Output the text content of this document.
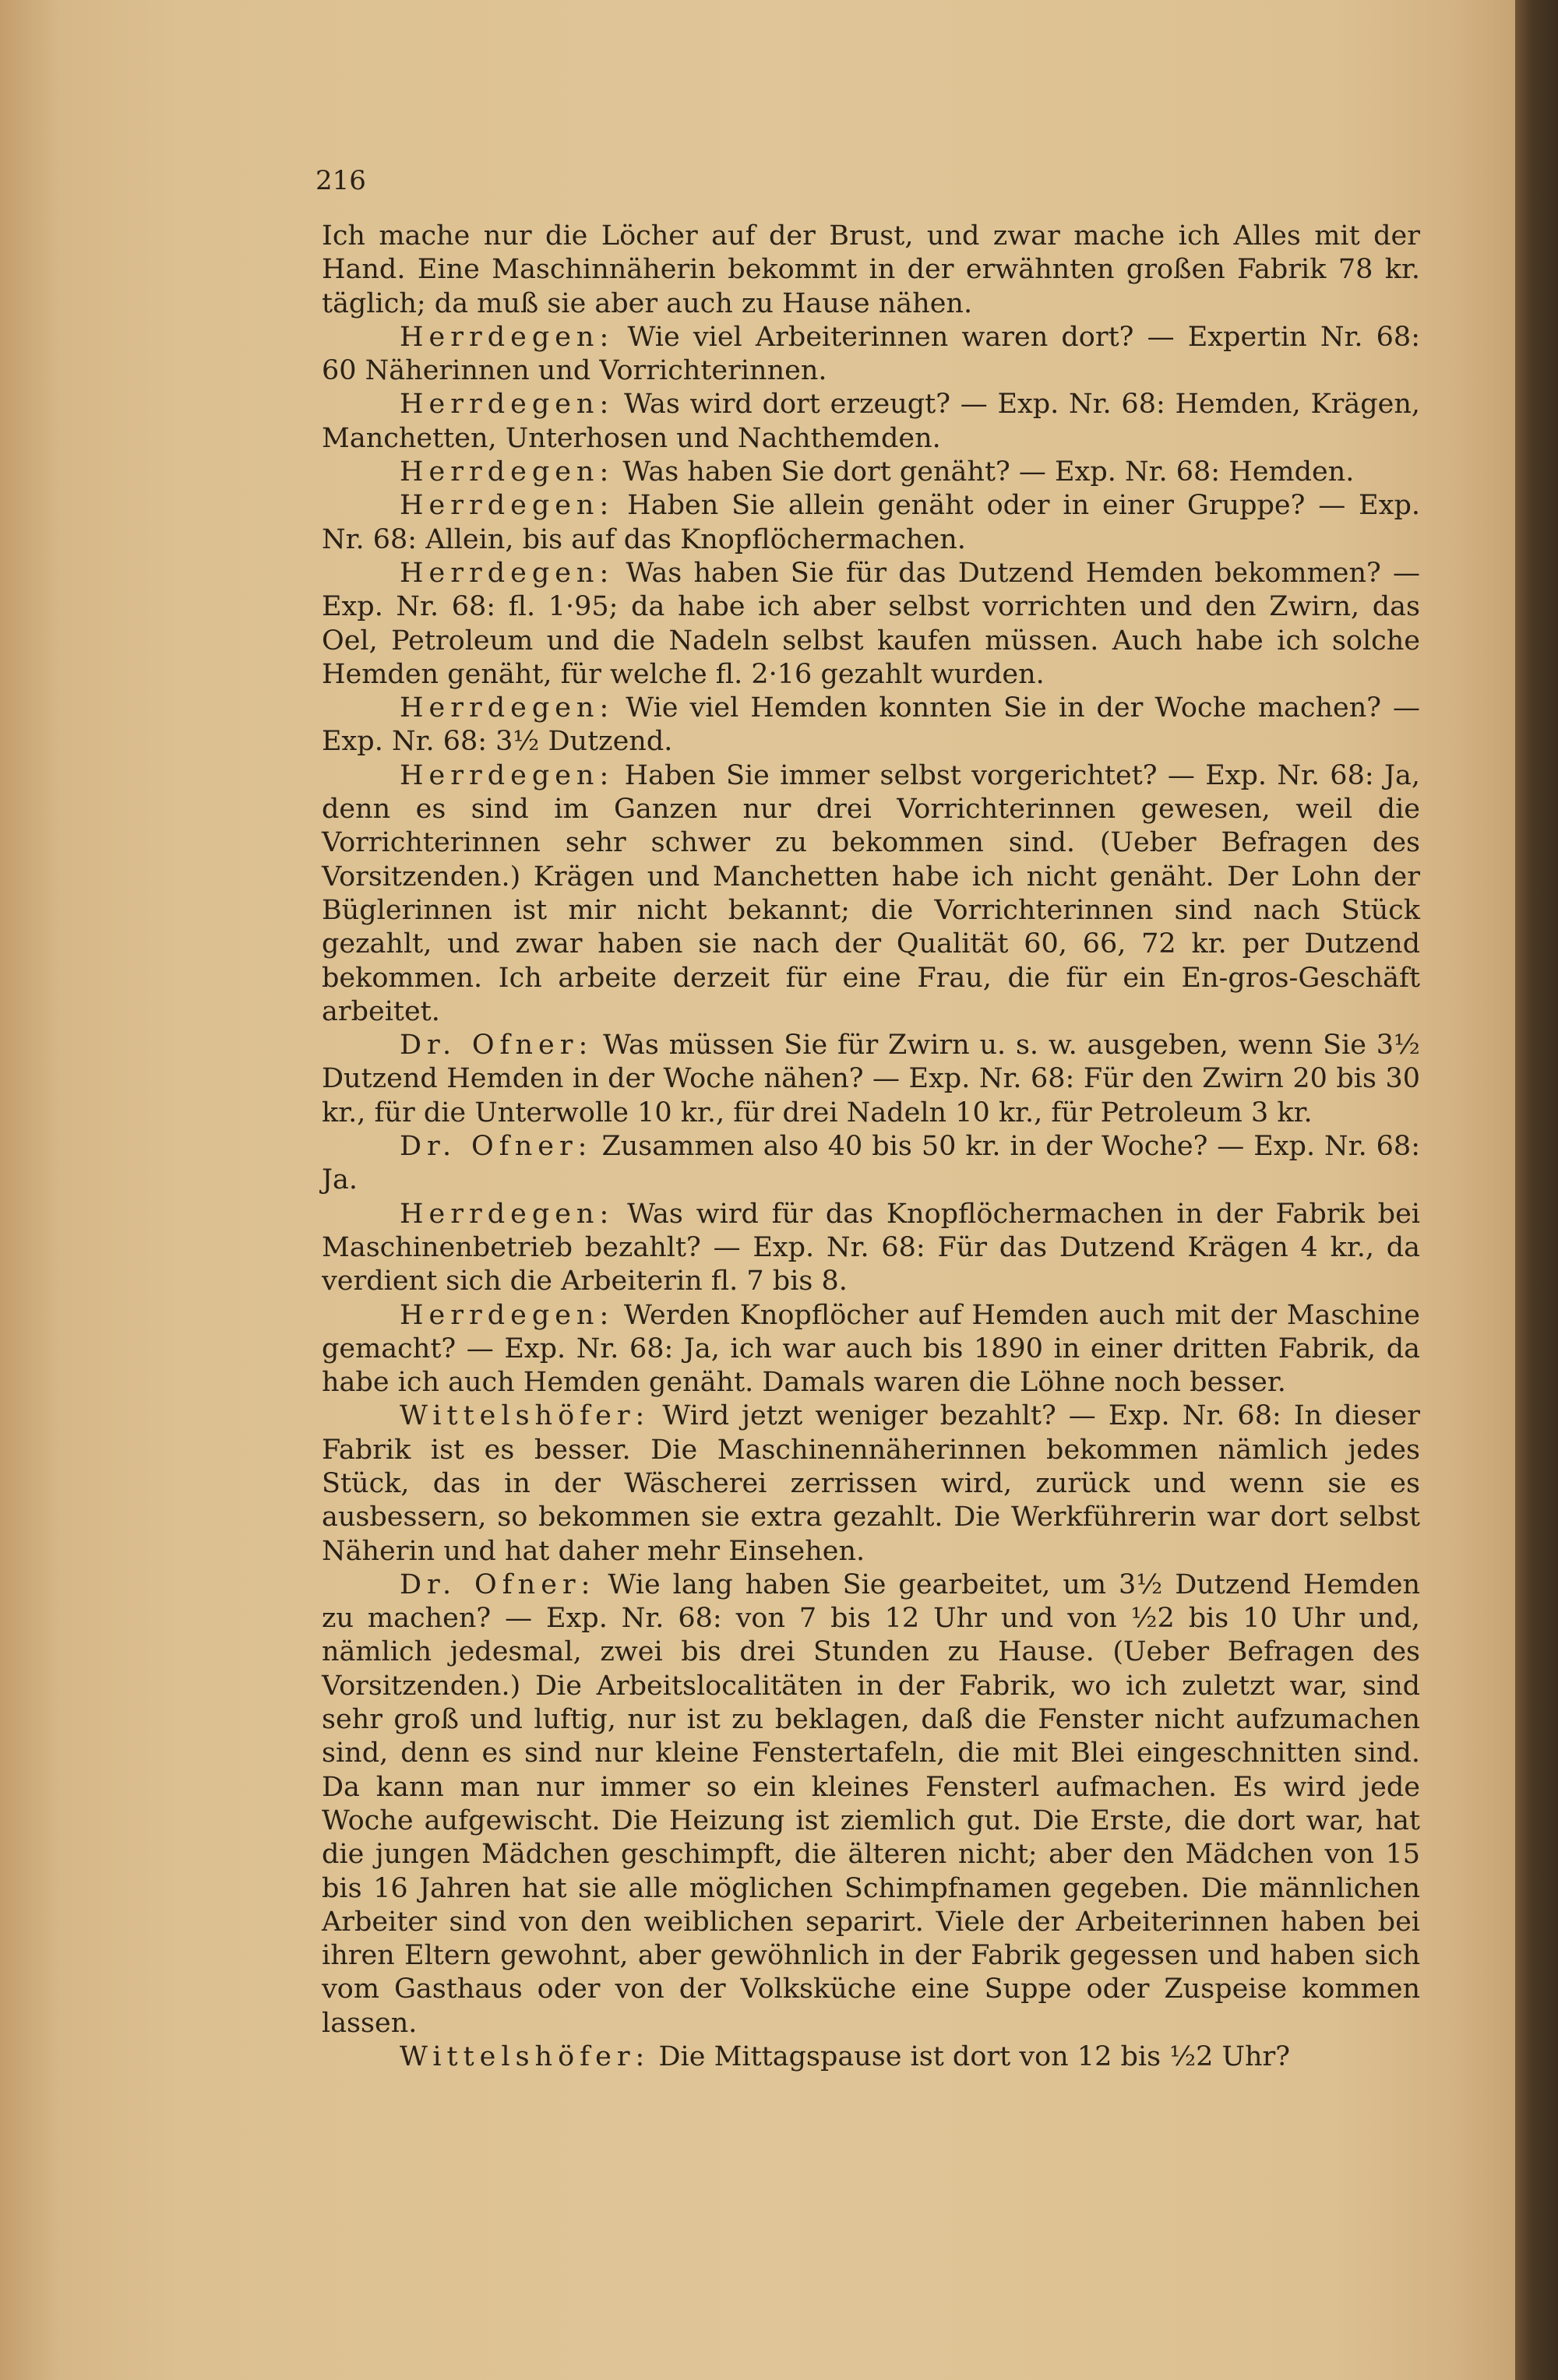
216

Ich mache nur die Löcher auf der Brust, und zwar mache ich Alles mit der Hand. Eine Maschinnäherin bekommt in der erwähnten großen Fabrik 78 kr. täglich; da muß sie aber auch zu Hause nähen.

Herrdegen: Wie viel Arbeiterinnen waren dort? — Expertin Nr. 68: 60 Näherinnen und Vorrichterinnen.

Herrdegen: Was wird dort erzeugt? — Exp. Nr. 68: Hemden, Krägen, Manchetten, Unterhosen und Nachthemden.

Herrdegen: Was haben Sie dort genäht? — Exp. Nr. 68: Hemden.

Herrdegen: Haben Sie allein genäht oder in einer Gruppe? — Exp. Nr. 68: Allein, bis auf das Knopflöchermachen.

Herrdegen: Was haben Sie für das Dutzend Hemden bekommen? — Exp. Nr. 68: fl. 1·95; da habe ich aber selbst vorrichten und den Zwirn, das Oel, Petroleum und die Nadeln selbst kaufen müssen. Auch habe ich solche Hemden genäht, für welche fl. 2·16 gezahlt wurden.

Herrdegen: Wie viel Hemden konnten Sie in der Woche machen? — Exp. Nr. 68: 3½ Dutzend.

Herrdegen: Haben Sie immer selbst vorgerichtet? — Exp. Nr. 68: Ja, denn es sind im Ganzen nur drei Vorrichterinnen gewesen, weil die Vorrichterinnen sehr schwer zu bekommen sind. (Ueber Befragen des Vorsitzenden.) Krägen und Manchetten habe ich nicht genäht. Der Lohn der Büglerinnen ist mir nicht bekannt; die Vorrichterinnen sind nach Stück gezahlt, und zwar haben sie nach der Qualität 60, 66, 72 kr. per Dutzend bekommen. Ich arbeite derzeit für eine Frau, die für ein En-gros-Geschäft arbeitet.

Dr. Ofner: Was müssen Sie für Zwirn u. s. w. ausgeben, wenn Sie 3½ Dutzend Hemden in der Woche nähen? — Exp. Nr. 68: Für den Zwirn 20 bis 30 kr., für die Unterwolle 10 kr., für drei Nadeln 10 kr., für Petroleum 3 kr.

Dr. Ofner: Zusammen also 40 bis 50 kr. in der Woche? — Exp. Nr. 68: Ja.

Herrdegen: Was wird für das Knopflöchermachen in der Fabrik bei Maschinenbetrieb bezahlt? — Exp. Nr. 68: Für das Dutzend Krägen 4 kr., da verdient sich die Arbeiterin fl. 7 bis 8.

Herrdegen: Werden Knopflöcher auf Hemden auch mit der Maschine gemacht? — Exp. Nr. 68: Ja, ich war auch bis 1890 in einer dritten Fabrik, da habe ich auch Hemden genäht. Damals waren die Löhne noch besser.

Wittelshöfer: Wird jetzt weniger bezahlt? — Exp. Nr. 68: In dieser Fabrik ist es besser. Die Maschinennäherinnen bekommen nämlich jedes Stück, das in der Wäscherei zerrissen wird, zurück und wenn sie es ausbessern, so bekommen sie extra gezahlt. Die Werkführerin war dort selbst Näherin und hat daher mehr Einsehen.

Dr. Ofner: Wie lang haben Sie gearbeitet, um 3½ Dutzend Hemden zu machen? — Exp. Nr. 68: von 7 bis 12 Uhr und von ½2 bis 10 Uhr und, nämlich jedesmal, zwei bis drei Stunden zu Hause. (Ueber Befragen des Vorsitzenden.) Die Arbeitslocalitäten in der Fabrik, wo ich zuletzt war, sind sehr groß und luftig, nur ist zu beklagen, daß die Fenster nicht aufzumachen sind, denn es sind nur kleine Fenstertafeln, die mit Blei eingeschnitten sind. Da kann man nur immer so ein kleines Fensterl aufmachen. Es wird jede Woche aufgewischt. Die Heizung ist ziemlich gut. Die Erste, die dort war, hat die jungen Mädchen geschimpft, die älteren nicht; aber den Mädchen von 15 bis 16 Jahren hat sie alle möglichen Schimpfnamen gegeben. Die männlichen Arbeiter sind von den weiblichen separirt. Viele der Arbeiterinnen haben bei ihren Eltern gewohnt, aber gewöhnlich in der Fabrik gegessen und haben sich vom Gasthaus oder von der Volksküche eine Suppe oder Zuspeise kommen lassen.

Wittelshöfer: Die Mittagspause ist dort von 12 bis ½2 Uhr?
